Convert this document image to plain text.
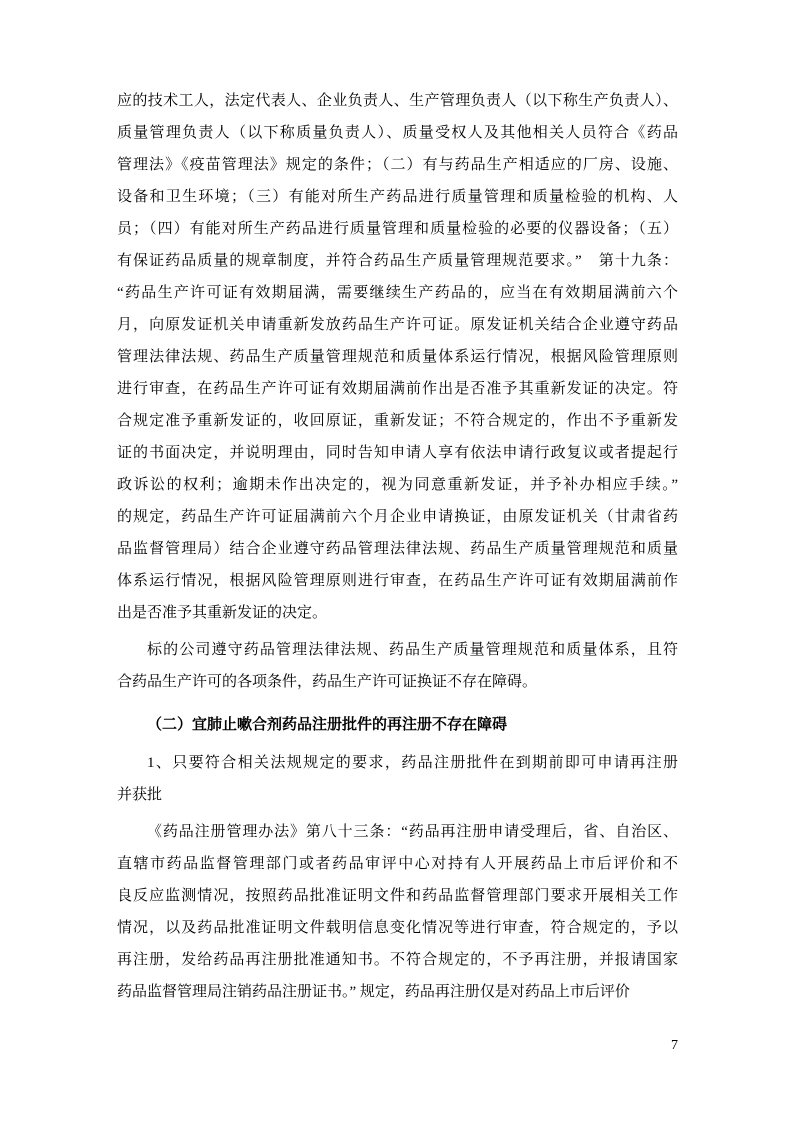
应的技术工人，法定代表人、企业负责人、生产管理负责人（以下称生产负责人）、
质量管理负责人（以下称质量负责人）、质量受权人及其他相关人员符合《药品
管理法》《疫苗管理法》规定的条件；（二）有与药品生产相适应的厂房、设施、
设备和卫生环境；（三）有能对所生产药品进行质量管理和质量检验的机构、人
员；（四）有能对所生产药品进行质量管理和质量检验的必要的仪器设备；（五）
有保证药品质量的规章制度，并符合药品生产质量管理规范要求。”　第十九条：
“药品生产许可证有效期届满，需要继续生产药品的，应当在有效期届满前六个
月，向原发证机关申请重新发放药品生产许可证。原发证机关结合企业遵守药品
管理法律法规、药品生产质量管理规范和质量体系运行情况，根据风险管理原则
进行审查，在药品生产许可证有效期届满前作出是否准予其重新发证的决定。符
合规定准予重新发证的，收回原证，重新发证；不符合规定的，作出不予重新发
证的书面决定，并说明理由，同时告知申请人享有依法申请行政复议或者提起行
政诉讼的权利；逾期未作出决定的，视为同意重新发证，并予补办相应手续。”
的规定，药品生产许可证届满前六个月企业申请换证，由原发证机关（甘肃省药
品监督管理局）结合企业遵守药品管理法律法规、药品生产质量管理规范和质量
体系运行情况，根据风险管理原则进行审查，在药品生产许可证有效期届满前作
出是否准予其重新发证的决定。
标的公司遵守药品管理法律法规、药品生产质量管理规范和质量体系，且符
合药品生产许可的各项条件，药品生产许可证换证不存在障碍。
（二）宜肺止嗽合剂药品注册批件的再注册不存在障碍
1、只要符合相关法规规定的要求，药品注册批件在到期前即可申请再注册
并获批
《药品注册管理办法》第八十三条：“药品再注册申请受理后，省、自治区、
直辖市药品监督管理部门或者药品审评中心对持有人开展药品上市后评价和不
良反应监测情况，按照药品批准证明文件和药品监督管理部门要求开展相关工作
情况，以及药品批准证明文件载明信息变化情况等进行审查，符合规定的，予以
再注册，发给药品再注册批准通知书。不符合规定的，不予再注册，并报请国家
药品监督管理局注销药品注册证书。” 规定，药品再注册仅是对药品上市后评价
7
